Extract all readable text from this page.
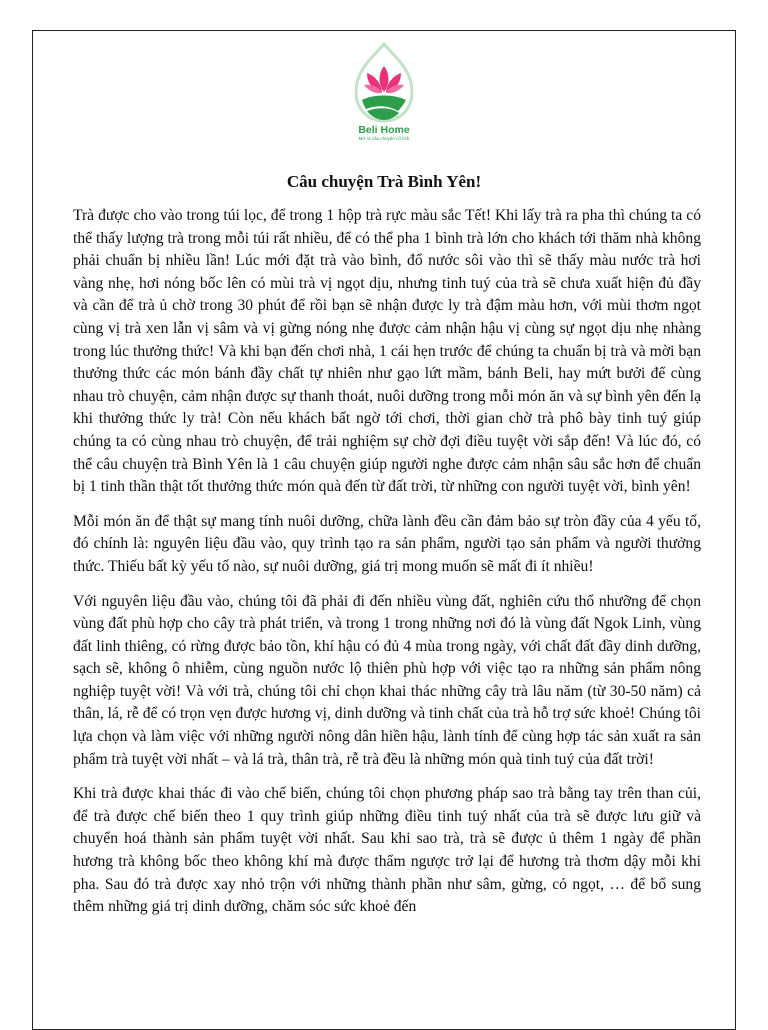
Beli Home
Mở ra câu chuyện cổ tích
Câu chuyện Trà Bình Yên!

Trà được cho vào trong túi lọc, để trong 1 hộp trà rực màu sắc Tết! Khi lấy trà ra pha thì chúng ta có thể thấy lượng trà trong mỗi túi rất nhiều, để có thể pha 1 bình trà lớn cho khách tới thăm nhà không phải chuẩn bị nhiều lần! Lúc mới đặt trà vào bình, đổ nước sôi vào thì sẽ thấy màu nước trà hơi vàng nhẹ, hơi nóng bốc lên có mùi trà vị ngọt dịu, nhưng tinh tuý của trà sẽ chưa xuất hiện đủ đầy và cần để trà ủ chờ trong 30 phút để rồi bạn sẽ nhận được ly trà đậm màu hơn, với mùi thơm ngọt cùng vị trà xen lẫn vị sâm và vị gừng nóng nhẹ được cảm nhận hậu vị cùng sự ngọt dịu nhẹ nhàng trong lúc thưởng thức! Và khi bạn đến chơi nhà, 1 cái hẹn trước để chúng ta chuẩn bị trà và mời bạn thưởng thức các món bánh đầy chất tự nhiên như gạo lứt mầm, bánh Beli, hay mứt bưởi để cùng nhau trò chuyện, cảm nhận được sự thanh thoát, nuôi dưỡng trong mỗi món ăn và sự bình yên đến lạ khi thưởng thức ly trà! Còn nếu khách bất ngờ tới chơi, thời gian chờ trà phô bày tinh tuý giúp chúng ta có cùng nhau trò chuyện, để trải nghiệm sự chờ đợi điều tuyệt vời sắp đến! Và lúc đó, có thể câu chuyện trà Bình Yên là 1 câu chuyện giúp người nghe được cảm nhận sâu sắc hơn để chuẩn bị 1 tinh thần thật tốt thưởng thức món quà đến từ đất trời, từ những con người tuyệt vời, bình yên!

Mỗi món ăn để thật sự mang tính nuôi dưỡng, chữa lành đều cần đảm bảo sự tròn đầy của 4 yếu tố, đó chính là: nguyên liệu đầu vào, quy trình tạo ra sản phẩm, người tạo sản phẩm và người thưởng thức. Thiếu bất kỳ yếu tố nào, sự nuôi dưỡng, giá trị mong muốn sẽ mất đi ít nhiều!

Với nguyên liệu đầu vào, chúng tôi đã phải đi đến nhiều vùng đất, nghiên cứu thổ nhưỡng để chọn vùng đất phù hợp cho cây trà phát triển, và trong 1 trong những nơi đó là vùng đất Ngok Linh, vùng đất linh thiêng, có rừng được bảo tồn, khí hậu có đủ 4 mùa trong ngày, với chất đất đầy dinh dưỡng, sạch sẽ, không ô nhiễm, cùng nguồn nước lộ thiên phù hợp với việc tạo ra những sản phẩm nông nghiệp tuyệt vời! Và với trà, chúng tôi chỉ chọn khai thác những cây trà lâu năm (từ 30-50 năm) cả thân, lá, rễ để có trọn vẹn được hương vị, dinh dưỡng và tinh chất của trà hỗ trợ sức khoẻ! Chúng tôi lựa chọn và làm việc với những người nông dân hiền hậu, lành tính để cùng hợp tác sản xuất ra sản phẩm trà tuyệt vời nhất – và lá trà, thân trà, rễ trà đều là những món quà tinh tuý của đất trời!

Khi trà được khai thác đi vào chế biến, chúng tôi chọn phương pháp sao trà bằng tay trên than củi, để trà được chế biến theo 1 quy trình giúp những điều tinh tuý nhất của trà sẽ được lưu giữ và chuyển hoá thành sản phẩm tuyệt vời nhất. Sau khi sao trà, trà sẽ được ủ thêm 1 ngày để phần hương trà không bốc theo không khí mà được thẩm ngược trở lại để hương trà thơm dậy mỗi khi pha. Sau đó trà được xay nhỏ trộn với những thành phần như sâm, gừng, cỏ ngọt, … để bổ sung thêm những giá trị dinh dưỡng, chăm sóc sức khoẻ đến
